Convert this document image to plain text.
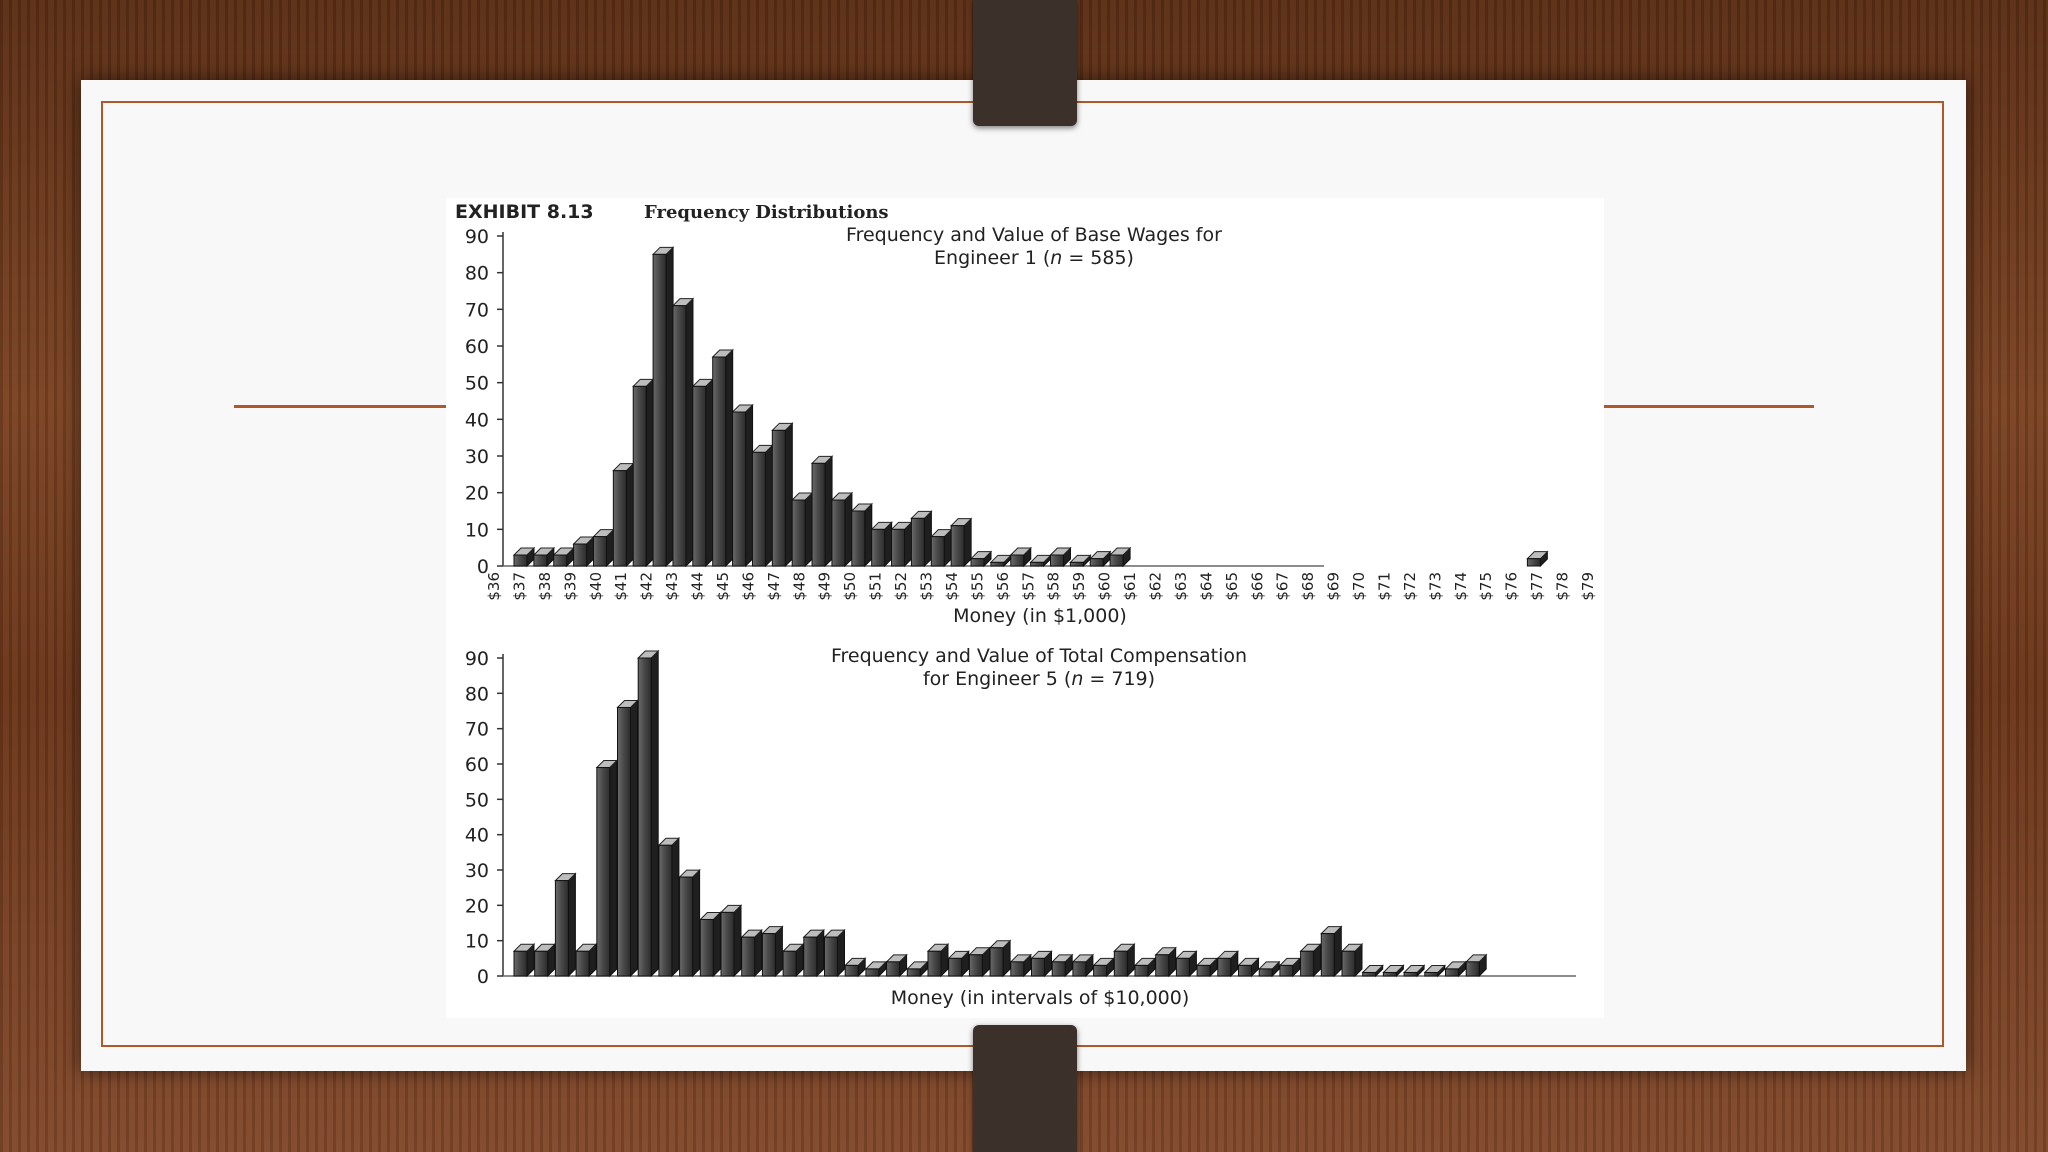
EXHIBIT 8.13	Frequency Distributions
Frequency and Value of Base Wages for
Engineer 1 (n = 585)
0
10
20
30
40
50
60
70
80
90
$36 $37 $38 $39 $40 $41 $42 $43 $44 $45 $46 $47 $48 $49 $50 $51 $52 $53 $54 $55 $56 $57 $58 $59 $60 $61 $62 $63 $64 $65 $66 $67 $68 $69 $70 $71 $72 $73 $74 $75 $76 $77 $78 $79
Money (in $1,000)
Frequency and Value of Total Compensation
for Engineer 5 (n = 719)
0
10
20
30
40
50
60
70
80
90
Money (in intervals of $10,000)
